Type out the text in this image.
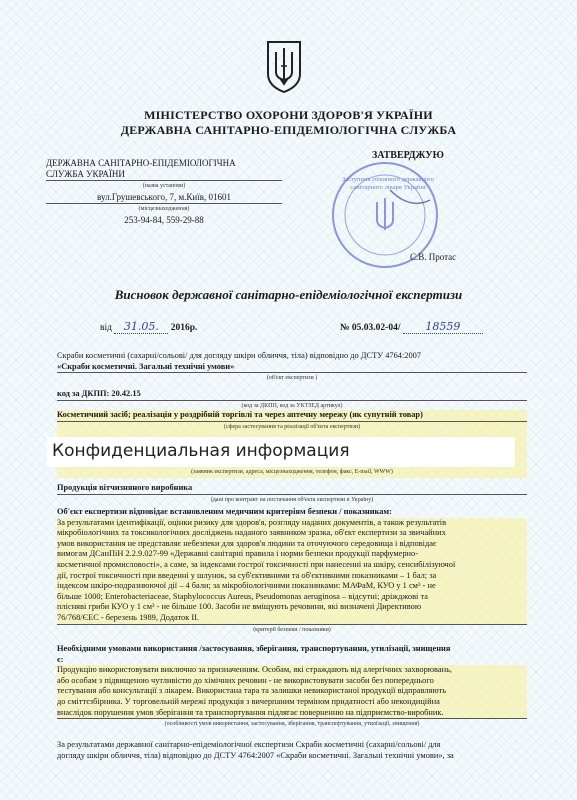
МІНІСТЕРСТВО ОХОРОНИ ЗДОРОВ'Я УКРАЇНИ
ДЕРЖАВНА САНІТАРНО-ЕПІДЕМІОЛОГІЧНА СЛУЖБА
ДЕРЖАВНА САНІТАРНО-ЕПІДЕМІОЛОГІЧНА
СЛУЖБА УКРАЇНИ
(назва установи)
вул.Грушевського, 7, м.Київ, 01601
(місцезнаходження)
253-94-84, 559-29-88
ЗАТВЕРДЖУЮ
Заступник головного державного санітарного лікаря України
С.В. Протас
Висновок державної санітарно-епідеміологічної експертизи
від 31.05. 2016р.	№ 05.03.02-04/ 18559
Скраби косметичні (сахарні/сольові/ для догляду шкіри обличчя, тіла) відповідно до ДСТУ 4764:2007
«Скраби косметичні. Загальні технічні умови»
(об'єкт експертизи )
код за ДКПП: 20.42.15
(код за ДКПП, код за УКТЗЕД артикул)
Косметичний засіб; реалізація у роздрібній торгівлі та через аптечну мережу (як супутній товар)
(сфера застосування та реалізації об'єкта експертизи)
Конфиденциальная информация
(заявник експертизи, адреса, місцезнаходження, телефон, факс, E-mail, WWW)
Продукція вітчизняного виробника
(дані про контракт на постачання об'єкта експертизи в Україну)
Об'єкт експертизи відповідає встановленим медичним критеріям безпеки / показникам:
За результатами ідентифікації, оцінки ризику для здоров'я, розгляду наданих документів, а також результатів
мікробіологічних та токсикологічних досліджень наданого заявником зразка, об'єкт експертизи за звичайних
умов використання не представляє небезпеки для здоров'я людини та оточуючого середовища і відповідає
вимогам ДСанПіН 2.2.9.027-99 «Державні санітарні правила і норми безпеки продукції парфумерно-
косметичної промисловості», а саме, за індексами гострої токсичності при нанесенні на шкіру, сенсибілізуючої
дії, гострої токсичності при введенні у шлунок, за суб'єктивними та об'єктивними показниками – 1 бал; за
індексом шкіро-подразнюючої дії – 4 бали; за мікробіологічними показниками: МАФаМ, КУО у 1 см³ - не
більше 1000; Enterobacteriaceae, Staphylococcus Aureus, Pseudomonas aeruginosa – відсутні; дріжджові та
плісняві гриби КУО у 1 см³ - не більше 100. Засоби не вміщують речовини, які визначені Директивою
76/768/ЄЕС - березень 1989, Додаток II.
(критерії безпеки / показники)
Необхідними умовами використання /застосування, зберігання, транспортування, утилізації, знищення
є:
Продукцію використовувати виключно за призначенням. Особам, які страждають від алергічних захворювань,
або особам з підвищеною чутливістю до хімічних речовин - не використовувати засоби без попереднього
тестування або консультації з лікарем. Використана тара та залишки невикористаної продукції відправляють
до сміттєзбірника. У торговельній мережі продукція з вичерпаним терміном придатності або некондиційна
внаслідок порушення умов зберігання та транспортування підлягає поверненню на підприємство-виробник.
(особливості умов використання, застосування, зберігання, транспортування, утилізації, знищення)
За результатами державної санітарно-епідеміологічної експертизи Скраби косметичні (сахарні/сольові/ для
догляду шкіри обличчя, тіла) відповідно до ДСТУ 4764:2007 «Скраби косметичні. Загальні технічні умови», за
